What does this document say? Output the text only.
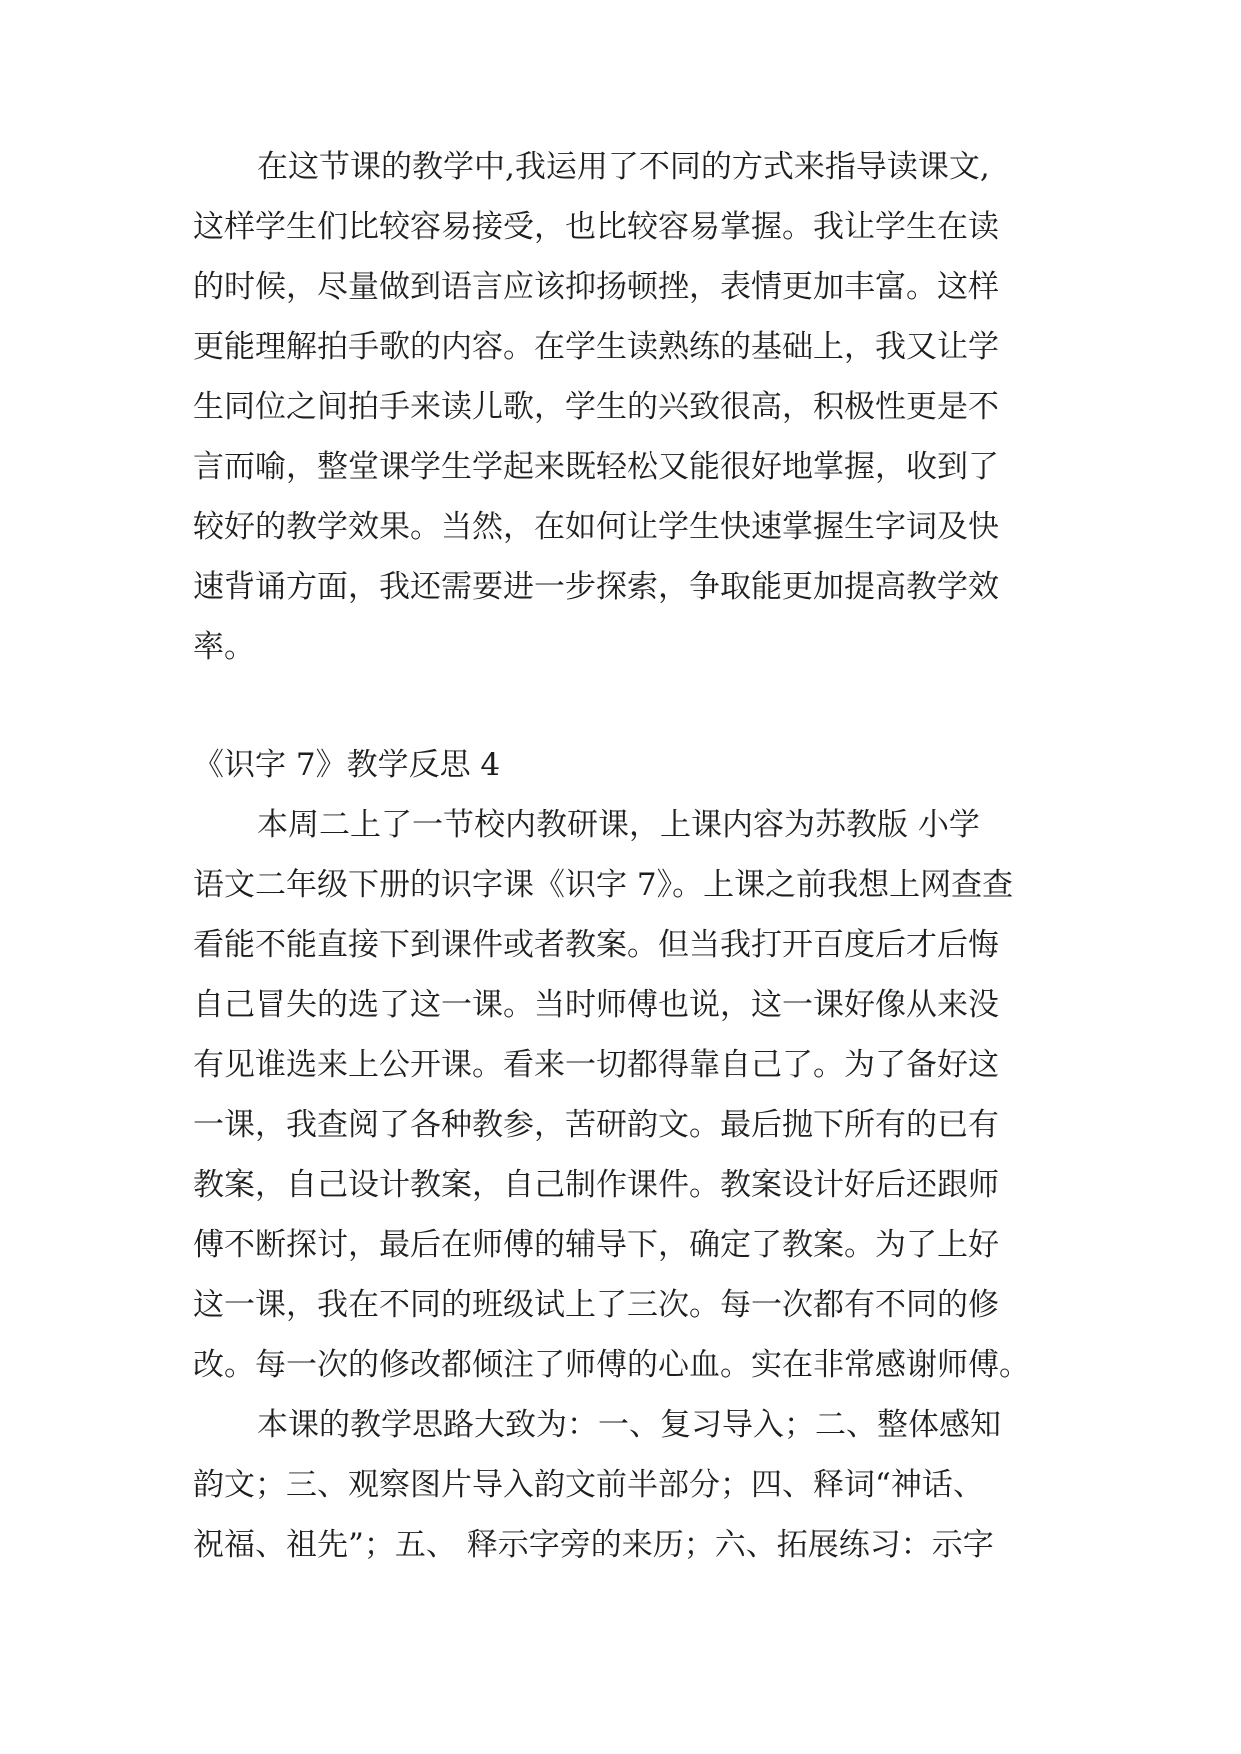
在这节课的教学中,我运用了不同的方式来指导读课文,
这样学生们比较容易接受，也比较容易掌握。我让学生在读
的时候，尽量做到语言应该抑扬顿挫，表情更加丰富。这样
更能理解拍手歌的内容。在学生读熟练的基础上，我又让学
生同位之间拍手来读儿歌，学生的兴致很高，积极性更是不
言而喻，整堂课学生学起来既轻松又能很好地掌握，收到了
较好的教学效果。当然，在如何让学生快速掌握生字词及快
速背诵方面，我还需要进一步探索，争取能更加提高教学效
率。
《识字 7》教学反思 4
本周二上了一节校内教研课，上课内容为苏教版 小学
语文二年级下册的识字课《识字 7》。上课之前我想上网查查
看能不能直接下到课件或者教案。但当我打开百度后才后悔
自己冒失的选了这一课。当时师傅也说，这一课好像从来没
有见谁选来上公开课。看来一切都得靠自己了。为了备好这
一课，我查阅了各种教参，苦研韵文。最后抛下所有的已有
教案，自己设计教案，自己制作课件。教案设计好后还跟师
傅不断探讨，最后在师傅的辅导下，确定了教案。为了上好
这一课，我在不同的班级试上了三次。每一次都有不同的修
改。每一次的修改都倾注了师傅的心血。实在非常感谢师傅。
本课的教学思路大致为：一、复习导入；二、整体感知
韵文；三、观察图片导入韵文前半部分；四、释词“神话、
祝福、祖先”；五、 释示字旁的来历；六、拓展练习：示字
